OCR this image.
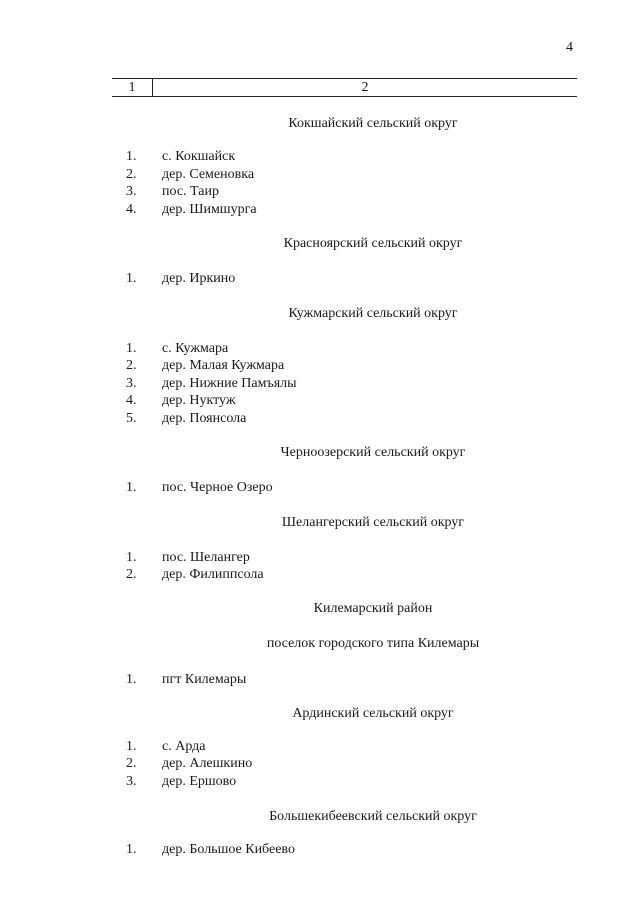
4
1	2
Кокшайский сельский округ
1. с. Кокшайск
2. дер. Семеновка
3. пос. Таир
4. дер. Шимшурга
Красноярский сельский округ
1. дер. Иркино
Кужмарский сельский округ
1. с. Кужмара
2. дер. Малая Кужмара
3. дер. Нижние Памъялы
4. дер. Нуктуж
5. дер. Поянсола
Черноозерский сельский округ
1. пос. Черное Озеро
Шелангерский сельский округ
1. пос. Шелангер
2. дер. Филиппсола
Килемарский район
поселок городского типа Килемары
1. пгт Килемары
Ардинский сельский округ
1. с. Арда
2. дер. Алешкино
3. дер. Ершово
Большекибеевский сельский округ
1. дер. Большое Кибеево
